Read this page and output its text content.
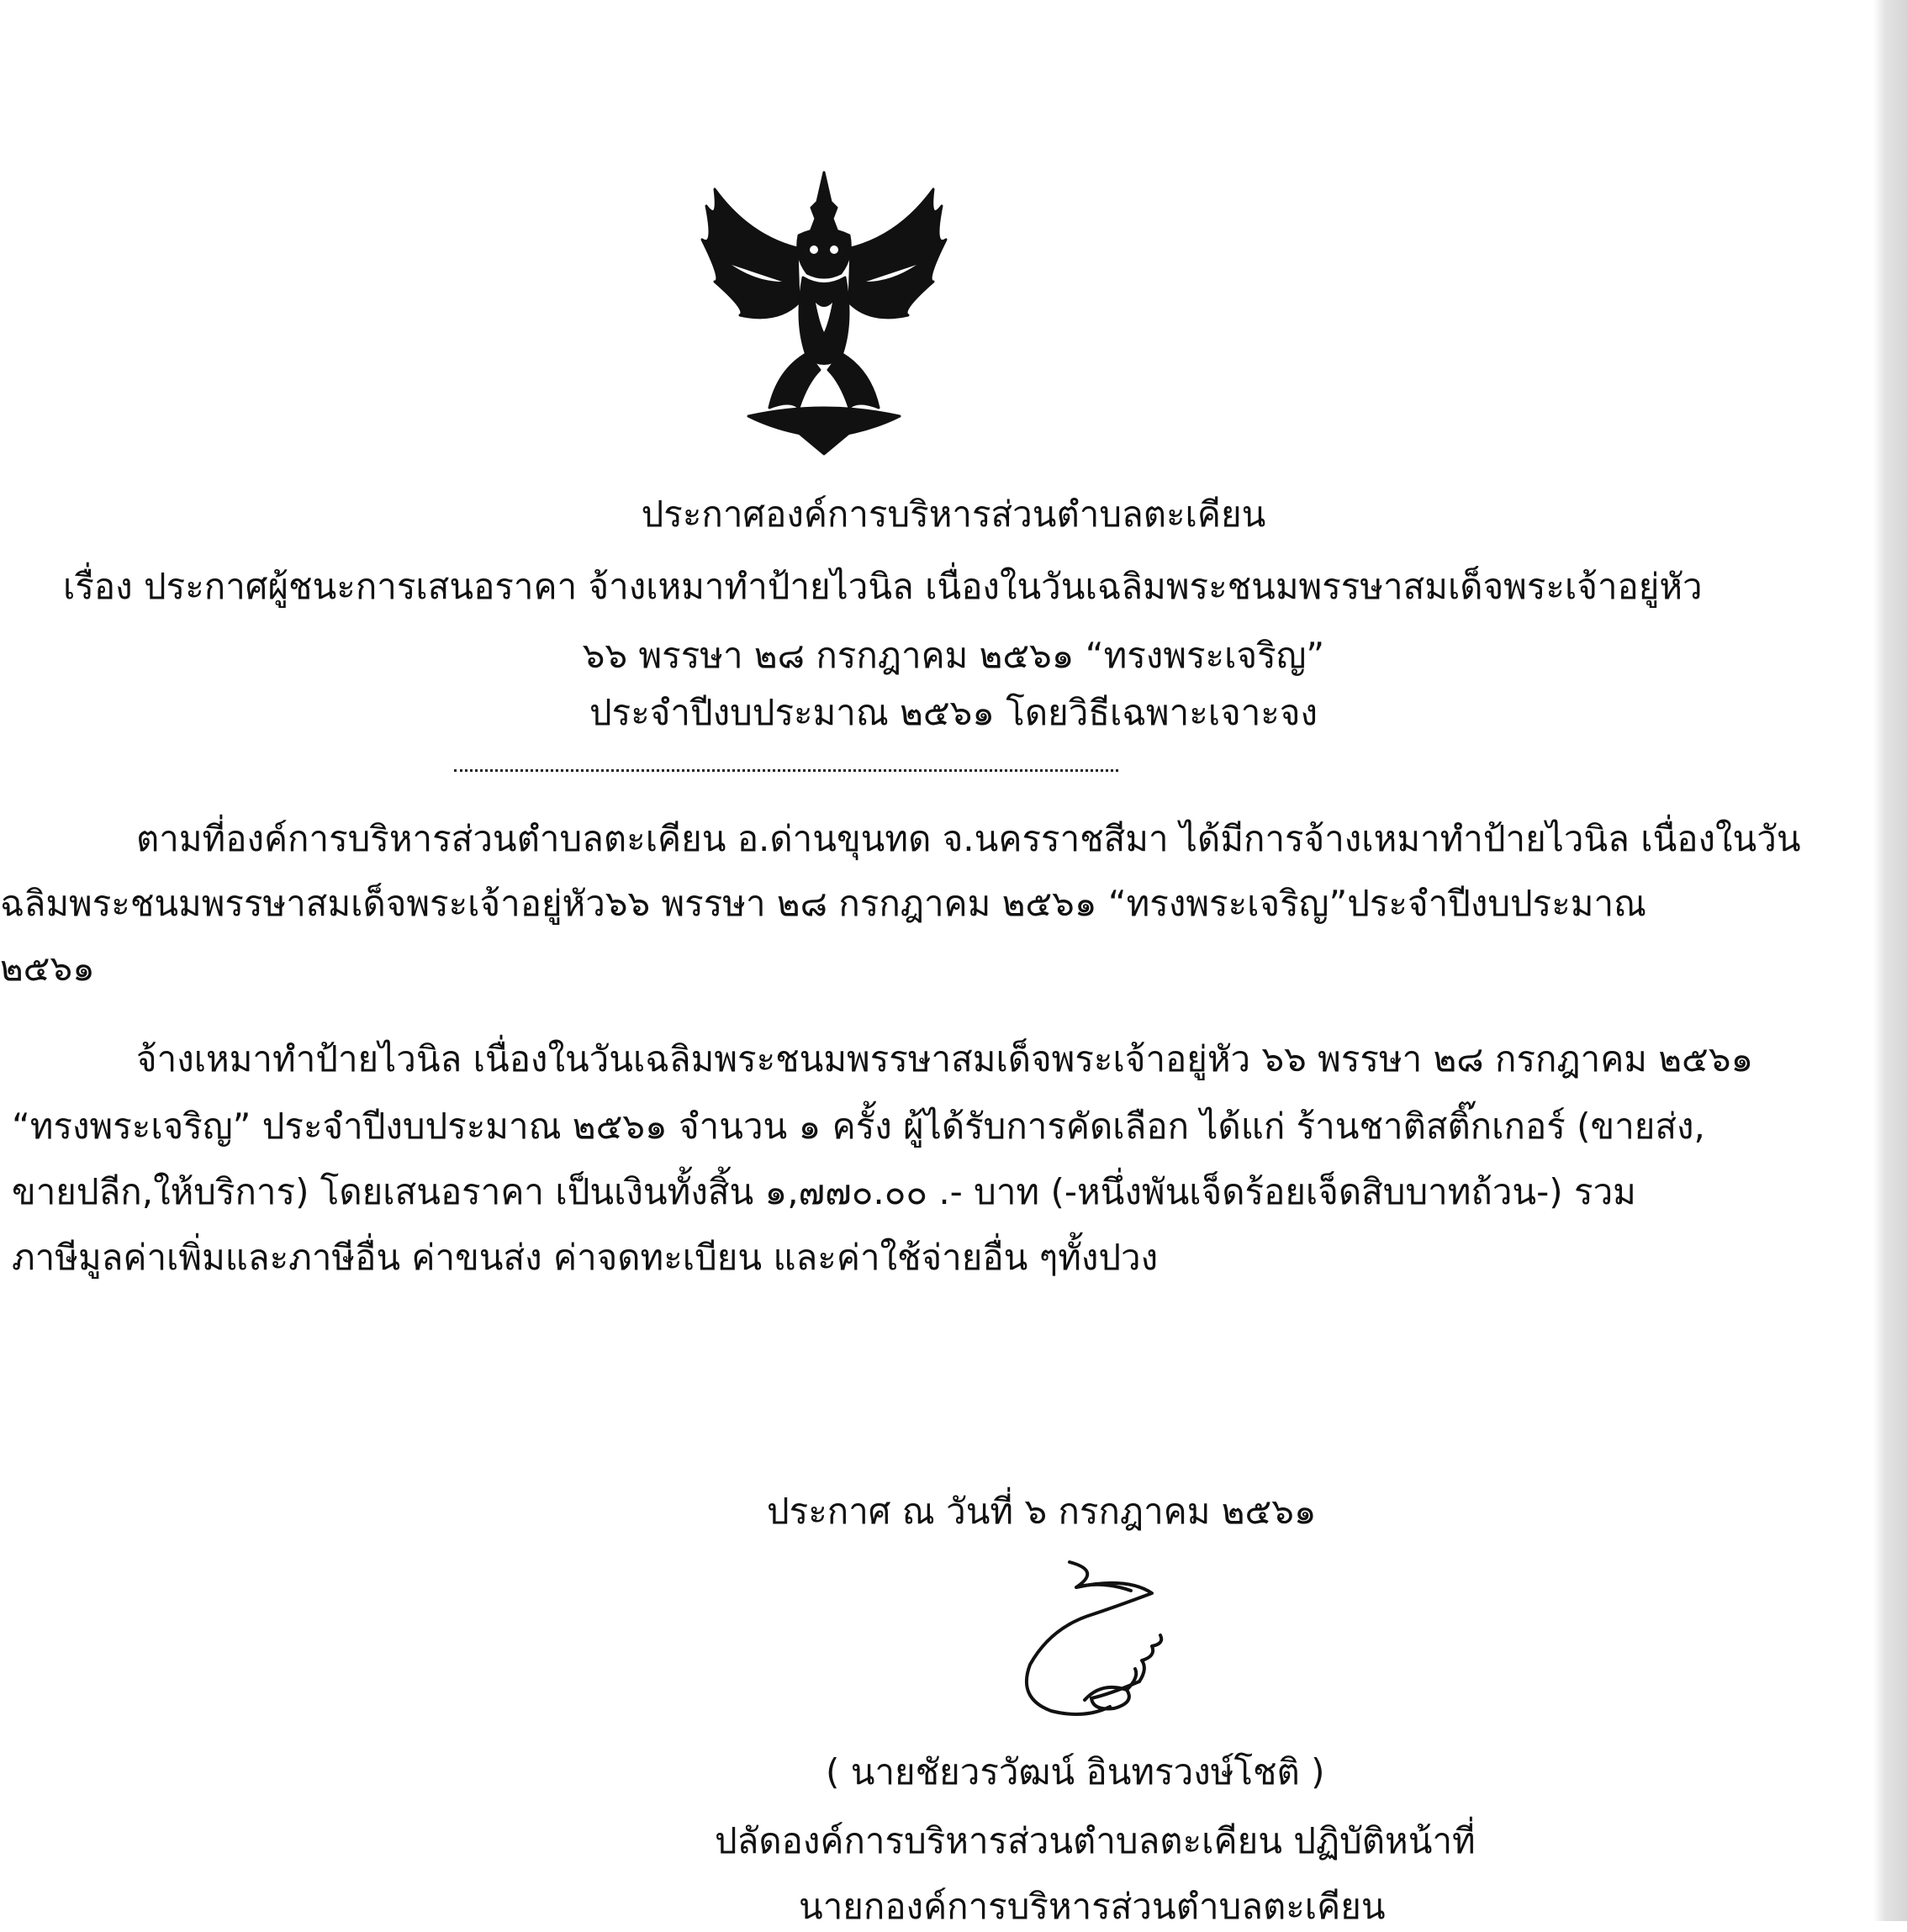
ประกาศองค์การบริหารส่วนตำบลตะเคียน
เรื่อง ประกาศผู้ชนะการเสนอราคา จ้างเหมาทำป้ายไวนิล เนื่องในวันเฉลิมพระชนมพรรษาสมเด็จพระเจ้าอยู่หัว
๖๖ พรรษา ๒๘ กรกฎาคม ๒๕๖๑ “ทรงพระเจริญ”
ประจำปีงบประมาณ ๒๕๖๑ โดยวิธีเฉพาะเจาะจง
ตามที่องค์การบริหารส่วนตำบลตะเคียน อ.ด่านขุนทด จ.นครราชสีมา ได้มีการจ้างเหมาทำป้ายไวนิล เนื่องในวัน
ฉลิมพระชนมพรรษาสมเด็จพระเจ้าอยู่หัว๖๖ พรรษา ๒๘ กรกฎาคม ๒๕๖๑ “ทรงพระเจริญ”ประจำปีงบประมาณ
๒๕๖๑
จ้างเหมาทำป้ายไวนิล เนื่องในวันเฉลิมพระชนมพรรษาสมเด็จพระเจ้าอยู่หัว ๖๖ พรรษา ๒๘ กรกฎาคม ๒๕๖๑
“ทรงพระเจริญ” ประจำปีงบประมาณ ๒๕๖๑ จำนวน ๑ ครั้ง ผู้ได้รับการคัดเลือก ได้แก่ ร้านชาติสติ๊กเกอร์ (ขายส่ง,
ขายปลีก,ให้บริการ) โดยเสนอราคา เป็นเงินทั้งสิ้น ๑,๗๗๐.๐๐ .- บาท (-หนึ่งพันเจ็ดร้อยเจ็ดสิบบาทถ้วน-) รวม
ภาษีมูลค่าเพิ่มและภาษีอื่น ค่าขนส่ง ค่าจดทะเบียน และค่าใช้จ่ายอื่น ๆทั้งปวง
ประกาศ ณ วันที่ ๖ กรกฎาคม ๒๕๖๑
( นายชัยวรวัฒน์ อินทรวงษ์โชติ )
ปลัดองค์การบริหารส่วนตำบลตะเคียน ปฏิบัติหน้าที่
นายกองค์การบริหารส่วนตำบลตะเคียน
